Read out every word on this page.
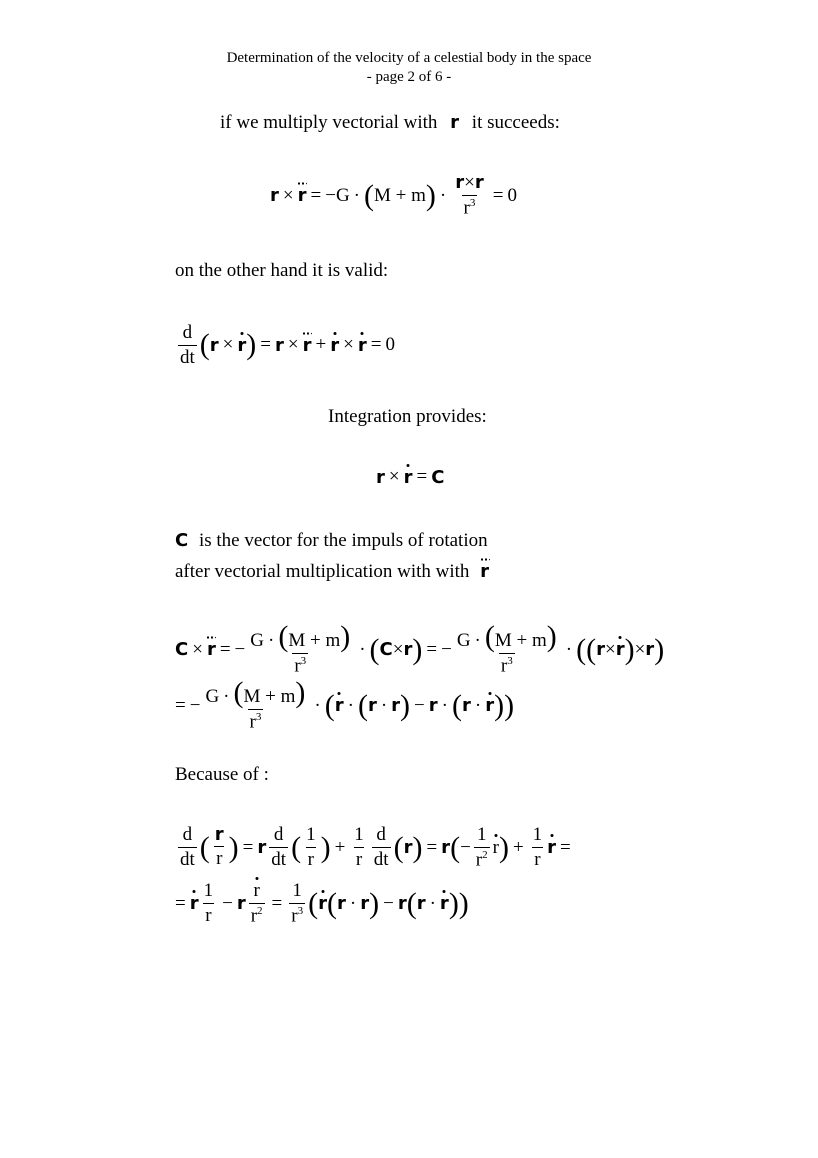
Determination of the velocity of a celestial body in the space
- page 2 of 6 -
if we multiply vectorial with r it succeeds:
r × r = − G · ( M + m ) · $\frac{r\times r}{r^3} = 0$
on the other hand it is valid:
$\frac{d}{dt}$ ( r × r ) = r × r + r × r = 0
Integration provides:
r × r = C
C is the vector for the impuls of rotation
after vectorial multiplication with with r
C × r = − $\frac{G \cdot (M + m)}{r^3}$ · ( C × r ) = − $\frac{G \cdot (M + m)}{r^3}$ · (( r × r ) × r )
= − $\frac{G \cdot (M + m)}{r^3}$ · ( r · ( r · r ) − r · ( r · r ))
Because of :
$\frac{d}{dt}$ ( $\frac{r}{r}$ ) = r $\frac{d}{dt}$ ( $\frac{1}{r}$ ) + $\frac{1}{r} \frac{d}{dt}$ ( r ) = r ( − $\frac{1}{r^2}$ r ) + $\frac{1}{r}$ r =
= r $\frac{1}{r} - r \frac{r}{r^2} = \frac{1}{r^3}$ ( r ( r · r ) − r ( r · r ))
